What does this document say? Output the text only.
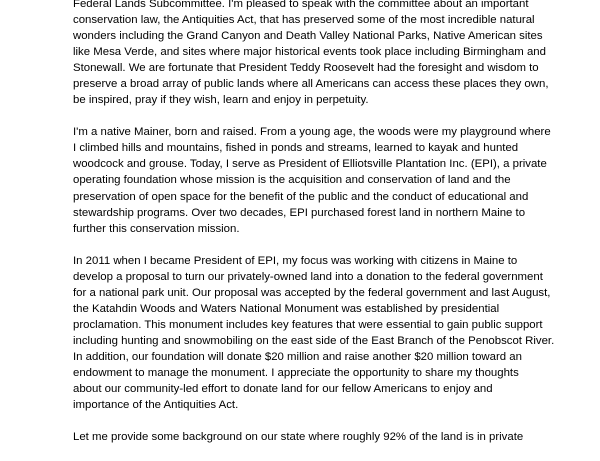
Federal Lands Subcommittee. I'm pleased to speak with the committee about an important
conservation law, the Antiquities Act, that has preserved some of the most incredible natural
wonders including the Grand Canyon and Death Valley National Parks, Native American sites
like Mesa Verde, and sites where major historical events took place including Birmingham and
Stonewall. We are fortunate that President Teddy Roosevelt had the foresight and wisdom to
preserve a broad array of public lands where all Americans can access these places they own,
be inspired, pray if they wish, learn and enjoy in perpetuity.

I'm a native Mainer, born and raised. From a young age, the woods were my playground where
I climbed hills and mountains, fished in ponds and streams, learned to kayak and hunted
woodcock and grouse. Today, I serve as President of Elliotsville Plantation Inc. (EPI), a private
operating foundation whose mission is the acquisition and conservation of land and the
preservation of open space for the benefit of the public and the conduct of educational and
stewardship programs. Over two decades, EPI purchased forest land in northern Maine to
further this conservation mission.

In 2011 when I became President of EPI, my focus was working with citizens in Maine to
develop a proposal to turn our privately-owned land into a donation to the federal government
for a national park unit. Our proposal was accepted by the federal government and last August,
the Katahdin Woods and Waters National Monument was established by presidential
proclamation. This monument includes key features that were essential to gain public support
including hunting and snowmobiling on the east side of the East Branch of the Penobscot River.
In addition, our foundation will donate $20 million and raise another $20 million toward an
endowment to manage the monument. I appreciate the opportunity to share my thoughts
about our community-led effort to donate land for our fellow Americans to enjoy and
importance of the Antiquities Act.

Let me provide some background on our state where roughly 92% of the land is in private
